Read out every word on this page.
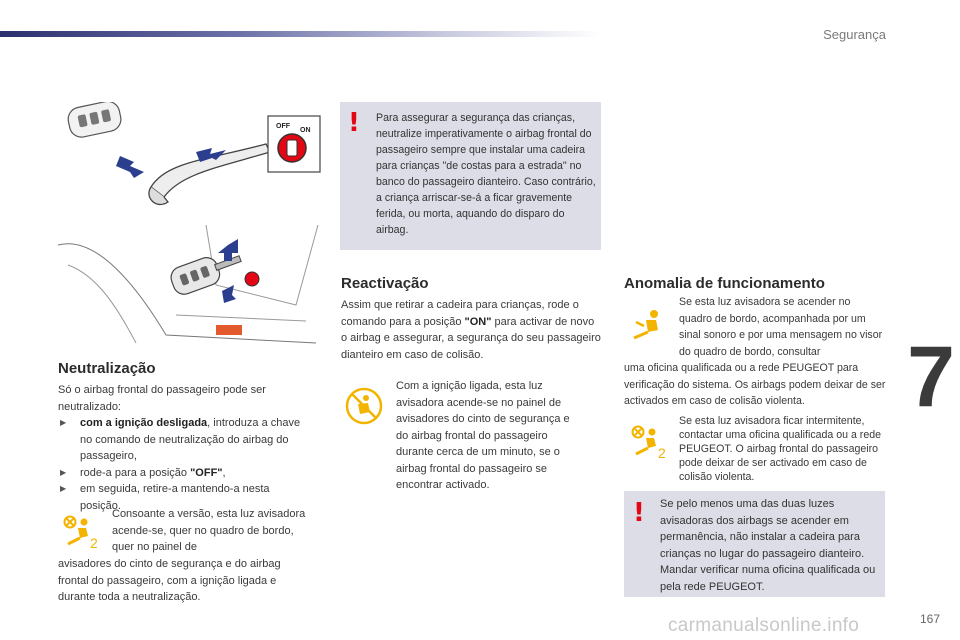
Segurança
7
167
carmanualsonline.info
OFF
ON
Neutralização
Só o airbag frontal do passageiro pode ser neutralizado:
▶ com a ignição desligada, introduza a chave no comando de neutralização do airbag do passageiro,
▶ rode-a para a posição "OFF",
▶ em seguida, retire-a mantendo-a nesta posição.
2
Consoante a versão, esta luz avisadora acende-se, quer no quadro de bordo, quer no painel de
avisadores do cinto de segurança e do airbag frontal do passageiro, com a ignição ligada e durante toda a neutralização.
! Para assegurar a segurança das crianças, neutralize imperativamente o airbag frontal do passageiro sempre que instalar uma cadeira para crianças "de costas para a estrada" no banco do passageiro dianteiro. Caso contrário, a criança arriscar-se-á a ficar gravemente ferida, ou morta, aquando do disparo do airbag.
Reactivação
Assim que retirar a cadeira para crianças, rode o comando para a posição "ON" para activar de novo o airbag e assegurar, a segurança do seu passageiro dianteiro em caso de colisão.
Com a ignição ligada, esta luz avisadora acende-se no painel de avisadores do cinto de segurança e do airbag frontal do passageiro durante cerca de um minuto, se o airbag frontal do passageiro se encontrar activado.
Anomalia de funcionamento
Se esta luz avisadora se acender no quadro de bordo, acompanhada por um sinal sonoro e por uma mensagem no visor do quadro de bordo, consultar
uma oficina qualificada ou a rede PEUGEOT para verificação do sistema. Os airbags podem deixar de ser activados em caso de colisão violenta.
2
Se esta luz avisadora ficar intermitente, contactar uma oficina qualificada ou a rede PEUGEOT. O airbag frontal do passageiro pode deixar de ser activado em caso de colisão violenta.
! Se pelo menos uma das duas luzes avisadoras dos airbags se acender em permanência, não instalar a cadeira para crianças no lugar do passageiro dianteiro. Mandar verificar numa oficina qualificada ou pela rede PEUGEOT.
